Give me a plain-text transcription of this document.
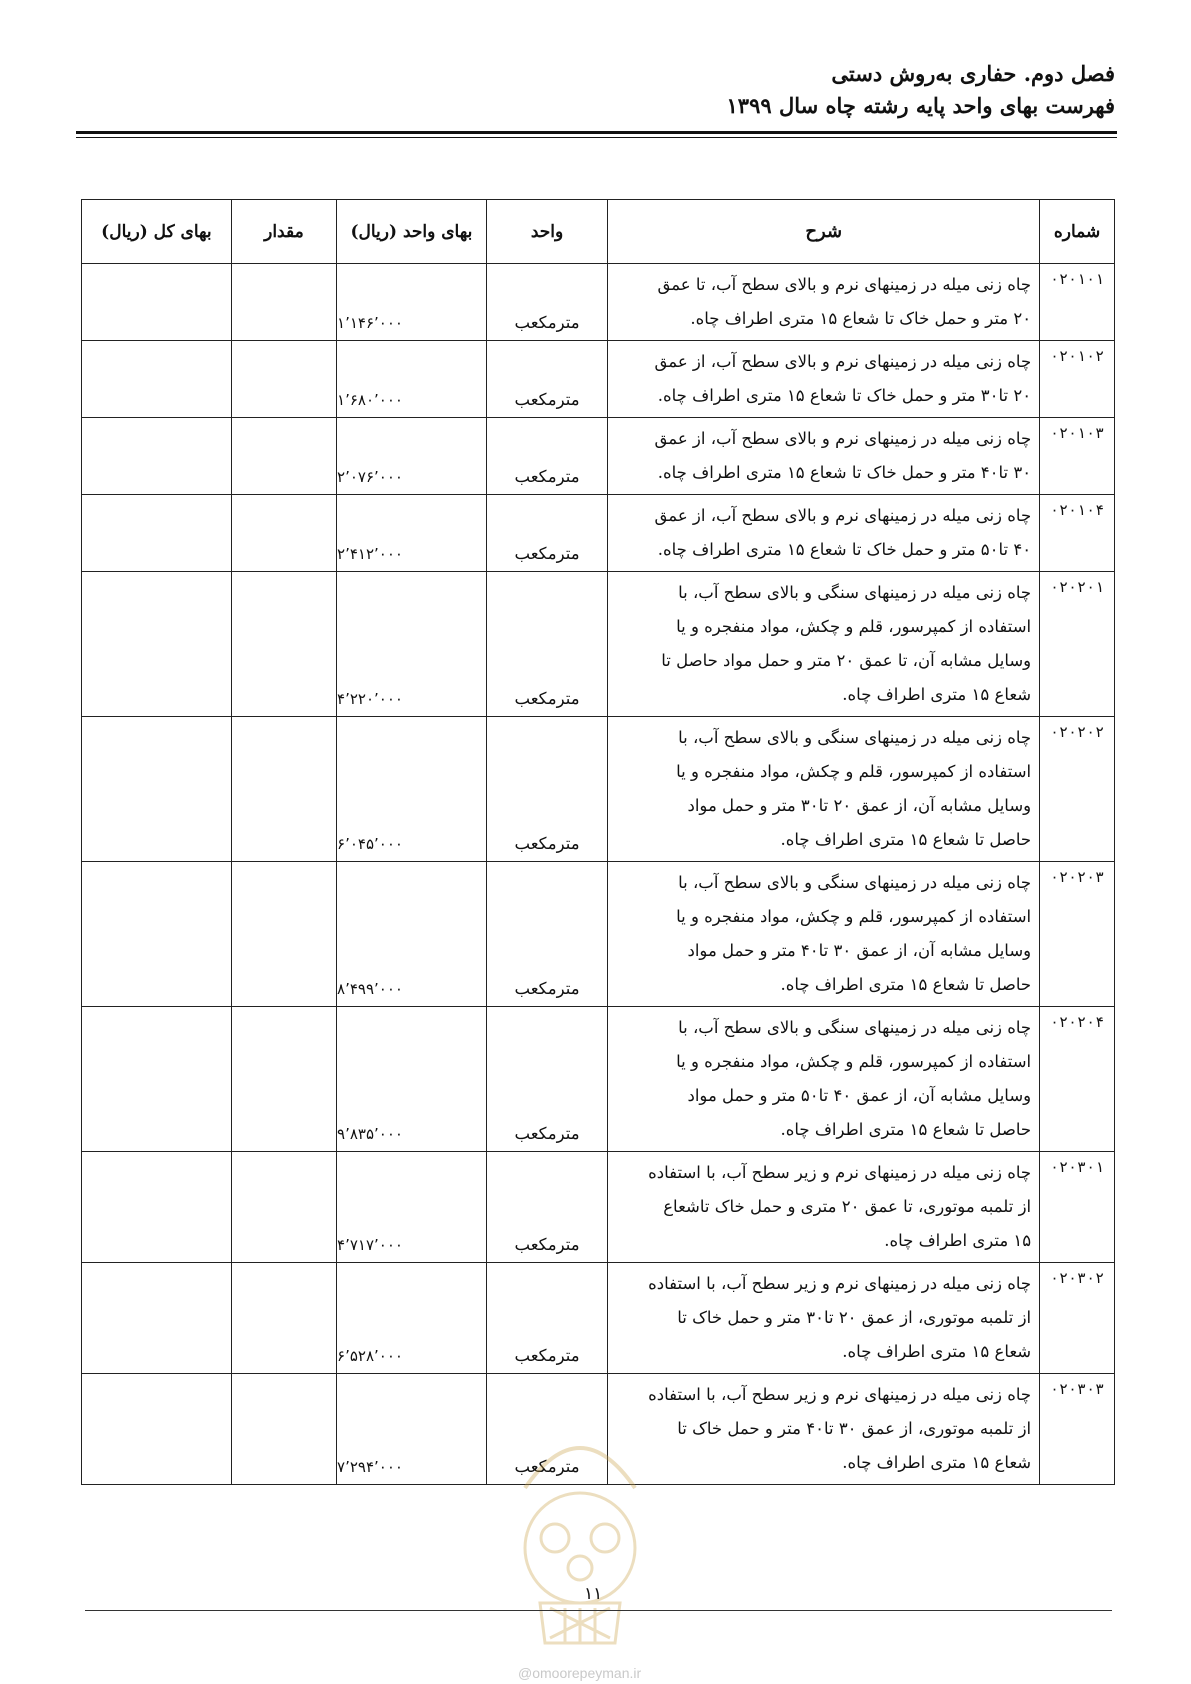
فصل دوم. حفاری به‌روش دستی
فهرست بهای واحد پایه رشته چاه سال ۱۳۹۹
شماره	شرح	واحد	بهای واحد (ریال)	مقدار	بهای کل (ریال)
۰۲۰۱۰۱	چاه زنی میله در زمینهای نرم و بالای سطح آب، تا عمق
۲۰ متر و حمل خاک تا شعاع ۱۵ متری اطراف چاه.	مترمکعب	۱٬۱۴۶٬۰۰۰		
۰۲۰۱۰۲	چاه زنی میله در زمینهای نرم و بالای سطح آب، از عمق
۲۰ تا۳۰ متر و حمل خاک تا شعاع ۱۵ متری اطراف چاه.	مترمکعب	۱٬۶۸۰٬۰۰۰		
۰۲۰۱۰۳	چاه زنی میله در زمینهای نرم و بالای سطح آب، از عمق
۳۰ تا۴۰ متر و حمل خاک تا شعاع ۱۵ متری اطراف چاه.	مترمکعب	۲٬۰۷۶٬۰۰۰		
۰۲۰۱۰۴	چاه زنی میله در زمینهای نرم و بالای سطح آب، از عمق
۴۰ تا۵۰ متر و حمل خاک تا شعاع ۱۵ متری اطراف چاه.	مترمکعب	۲٬۴۱۲٬۰۰۰		
۰۲۰۲۰۱	چاه زنی میله در زمینهای سنگی و بالای سطح آب، با
استفاده از کمپرسور، قلم و چکش، مواد منفجره و یا
وسایل مشابه آن، تا عمق ۲۰ متر و حمل مواد حاصل تا
شعاع ۱۵ متری اطراف چاه.	مترمکعب	۴٬۲۲۰٬۰۰۰		
۰۲۰۲۰۲	چاه زنی میله در زمینهای سنگی و بالای سطح آب، با
استفاده از کمپرسور، قلم و چکش، مواد منفجره و یا
وسایل مشابه آن، از عمق ۲۰ تا۳۰ متر و حمل مواد
حاصل تا شعاع ۱۵ متری اطراف چاه.	مترمکعب	۶٬۰۴۵٬۰۰۰		
۰۲۰۲۰۳	چاه زنی میله در زمینهای سنگی و بالای سطح آب، با
استفاده از کمپرسور، قلم و چکش، مواد منفجره و یا
وسایل مشابه آن، از عمق ۳۰ تا۴۰ متر و حمل مواد
حاصل تا شعاع ۱۵ متری اطراف چاه.	مترمکعب	۸٬۴۹۹٬۰۰۰		
۰۲۰۲۰۴	چاه زنی میله در زمینهای سنگی و بالای سطح آب، با
استفاده از کمپرسور، قلم و چکش، مواد منفجره و یا
وسایل مشابه آن، از عمق ۴۰ تا۵۰ متر و حمل مواد
حاصل تا شعاع ۱۵ متری اطراف چاه.	مترمکعب	۹٬۸۳۵٬۰۰۰		
۰۲۰۳۰۱	چاه زنی میله در زمینهای نرم و زیر سطح آب، با استفاده
از تلمبه موتوری، تا عمق ۲۰ متری و حمل خاک تاشعاع
۱۵ متری اطراف چاه.	مترمکعب	۴٬۷۱۷٬۰۰۰		
۰۲۰۳۰۲	چاه زنی میله در زمینهای نرم و زیر سطح آب، با استفاده
از تلمبه موتوری، از عمق ۲۰ تا۳۰ متر و حمل خاک تا
شعاع ۱۵ متری اطراف چاه.	مترمکعب	۶٬۵۲۸٬۰۰۰		
۰۲۰۳۰۳	چاه زنی میله در زمینهای نرم و زیر سطح آب، با استفاده
از تلمبه موتوری، از عمق ۳۰ تا۴۰ متر و حمل خاک تا
شعاع ۱۵ متری اطراف چاه.	مترمکعب	۷٬۲۹۴٬۰۰۰		
۱۱
@omoorepeyman.ir
